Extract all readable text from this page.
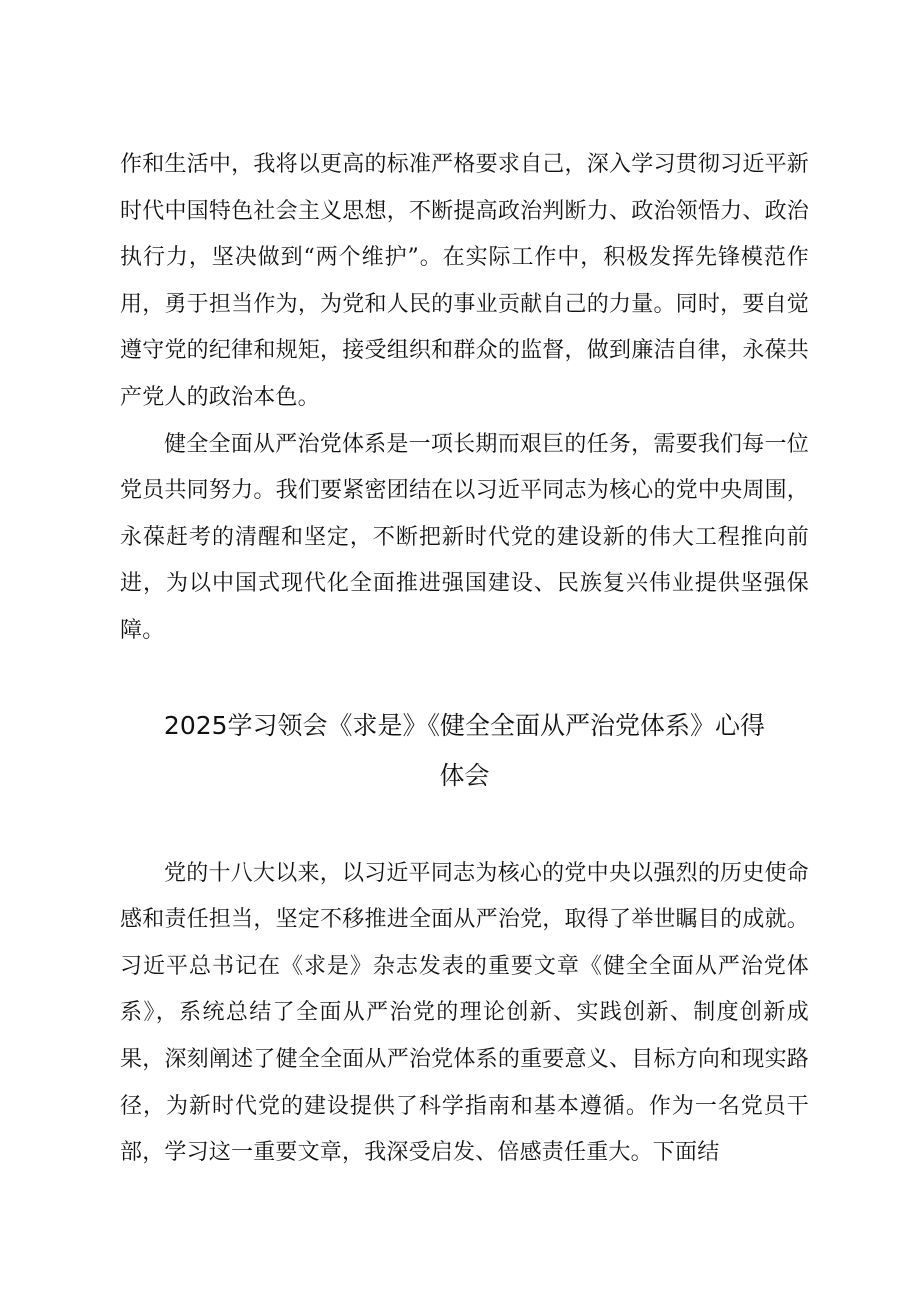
作和生活中，我将以更高的标准严格要求自己，深入学习贯彻习近平新时代中国特色社会主义思想，不断提高政治判断力、政治领悟力、政治执行力，坚决做到“两个维护”。在实际工作中，积极发挥先锋模范作用，勇于担当作为，为党和人民的事业贡献自己的力量。同时，要自觉遵守党的纪律和规矩，接受组织和群众的监督，做到廉洁自律，永葆共产党人的政治本色。

健全全面从严治党体系是一项长期而艰巨的任务，需要我们每一位党员共同努力。我们要紧密团结在以习近平同志为核心的党中央周围，永葆赶考的清醒和坚定，不断把新时代党的建设新的伟大工程推向前进，为以中国式现代化全面推进强国建设、民族复兴伟业提供坚强保障。

2025学习领会《求是》《健全全面从严治党体系》心得

体会

党的十八大以来，以习近平同志为核心的党中央以强烈的历史使命感和责任担当，坚定不移推进全面从严治党，取得了举世瞩目的成就。习近平总书记在《求是》杂志发表的重要文章《健全全面从严治党体系》，系统总结了全面从严治党的理论创新、实践创新、制度创新成果，深刻阐述了健全全面从严治党体系的重要意义、目标方向和现实路径，为新时代党的建设提供了科学指南和基本遵循。作为一名党员干部，学习这一重要文章，我深受启发、倍感责任重大。下面结
